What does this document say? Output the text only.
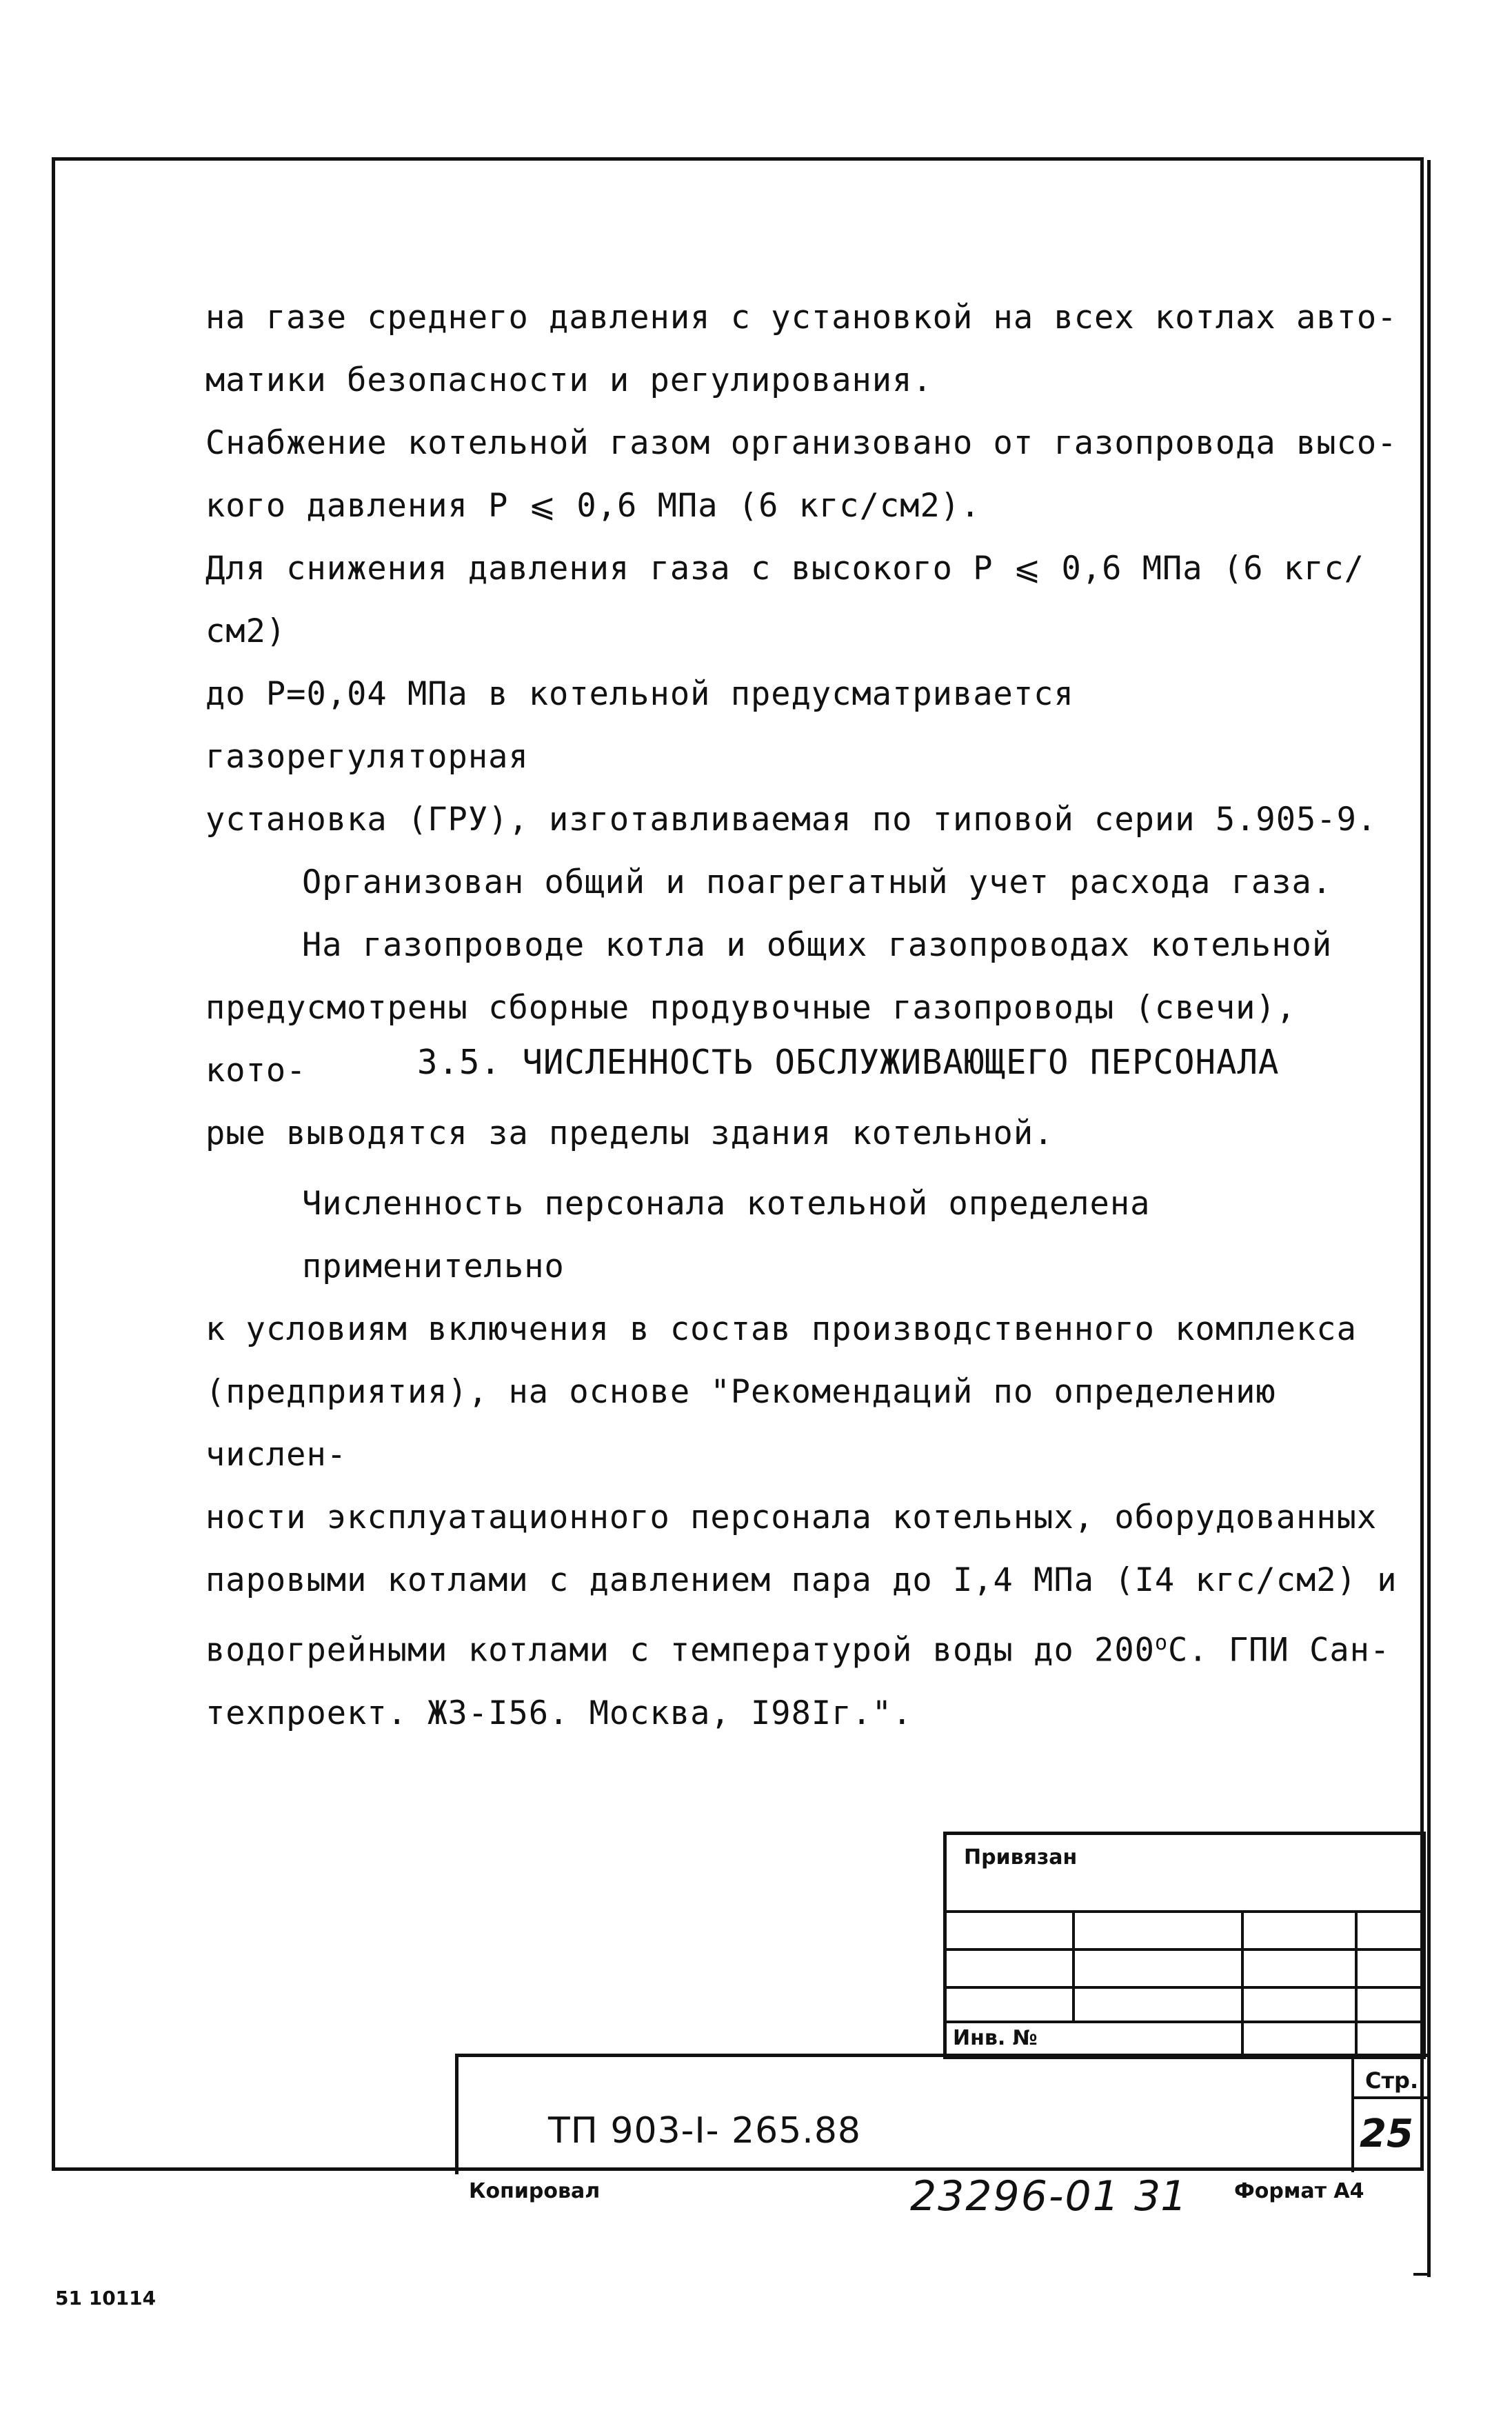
на газе среднего давления с установкой на всех котлах авто-

матики безопасности и регулирования.

Снабжение котельной газом организовано от газопровода высо-

кого давления Р ⩽ 0,6 МПа (6 кгс/см2).

Для снижения давления газа с высокого Р ⩽ 0,6 МПа (6 кгс/см2)

до Р=0,04 МПа в котельной предусматривается газорегуляторная

установка (ГРУ), изготавливаемая по типовой серии 5.905-9.

Организован общий и поагрегатный учет расхода газа.

На газопроводе котла и общих газопроводах котельной

предусмотрены сборные продувочные газопроводы (свечи), кото-

рые выводятся за пределы здания котельной.

3.5. ЧИСЛЕННОСТЬ ОБСЛУЖИВАЮЩЕГО ПЕРСОНАЛА

Численность персонала котельной определена применительно

к условиям включения в состав производственного комплекса

(предприятия), на основе "Рекомендаций по определению числен-

ности эксплуатационного персонала котельных, оборудованных

паровыми котлами с давлением пара до I,4 МПа (I4 кгс/см2) и

водогрейными котлами с температурой воды до $200^оС$. ГПИ Сан-

техпроект. ЖЗ-I56. Москва, I98Iг.".

Привязан
Инв. №
Стр.
ТП 903-I- 265.88	25
Копировал	23296-01 31 Формат А4
51 10114
